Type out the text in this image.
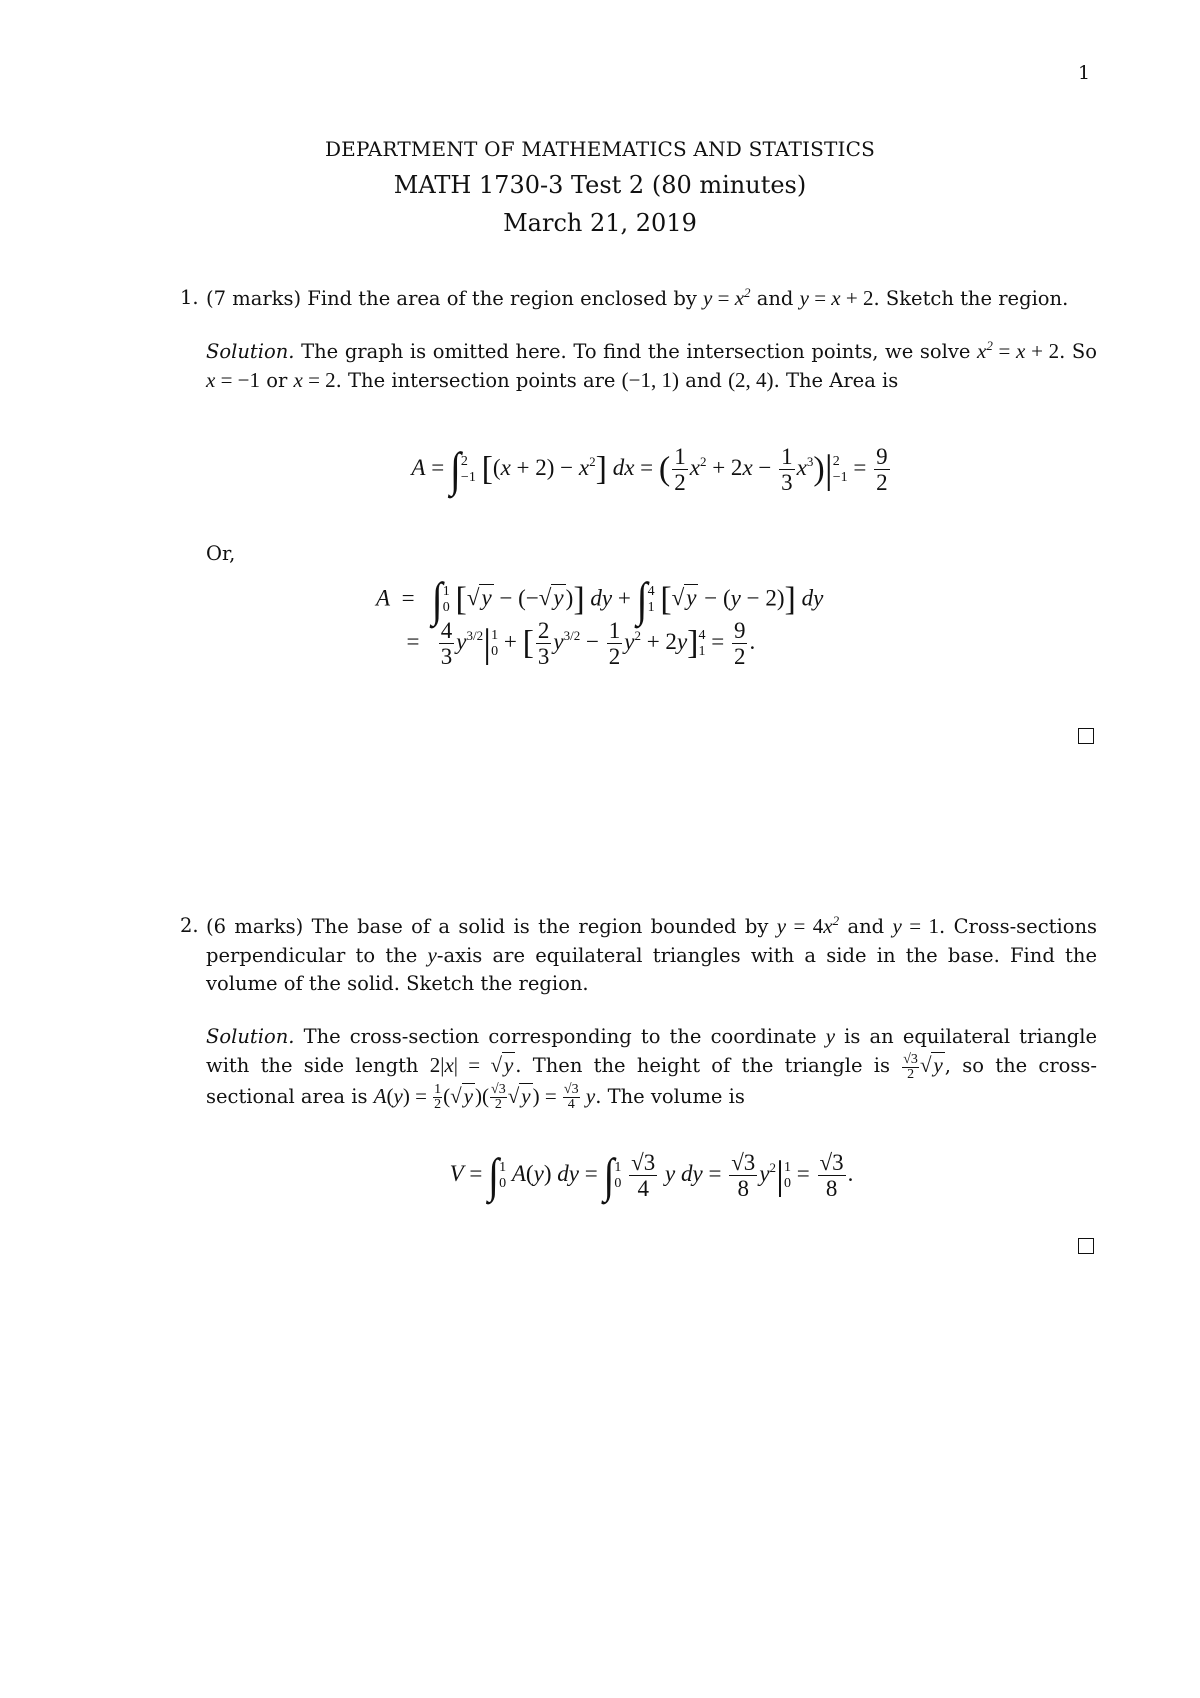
1
DEPARTMENT OF MATHEMATICS AND STATISTICS
MATH 1730-3 Test 2 (80 minutes)
March 21, 2019
1. (7 marks) Find the area of the region enclosed by $y = x^2$ and y = x + 2. Sketch the region.

Solution. The graph is omitted here. To find the intersection points, we solve $x^2 = x + 2$. So x = −1 or x = 2. The intersection points are (−1, 1) and (2, 4). The Area is

A = ∫ 2
−1 $[(x + 2) - x^2]$ dx = ( $\frac{1}{2} x^2 + 2x - \frac{1}{3} x^3)|$ 2
$-1 = \frac{9}{2}$
Or,
A  =   ∫ 1
0 [√y − (−√y)] dy + ∫ 4
1 [√y − (y − 2)] dy
= $\frac{4}{3} y^{3/2}|$ 1
0 + [ $\frac{2}{3} y^{3/2} - \frac{1}{2} y^2 + 2y$] 4
$1 = \frac{9}{2}$ .
2. (6 marks) The base of a solid is the region bounded by $y = 4x^2$ and y = 1. Cross-sections perpendicular to the y-axis are equilateral triangles with a side in the base. Find the volume of the solid. Sketch the region.

Solution. The cross-section corresponding to the coordinate y is an equilateral triangle with the side length 2|x| = √y . Then the height of the triangle is $\frac{√3}{2} √y$ , so the cross-sectional area is $A(y) = \frac{1}{2} (√y)( \frac{√3}{2} √y) = \frac{√3}{4} y$. The volume is

V = ∫ 1
0 A(y) dy = ∫ 1
0
$\frac{√3}{4}$ y dy = $\frac{√3}{8} y^2|$ 1
$0 = \frac{√3}{8}$ .
